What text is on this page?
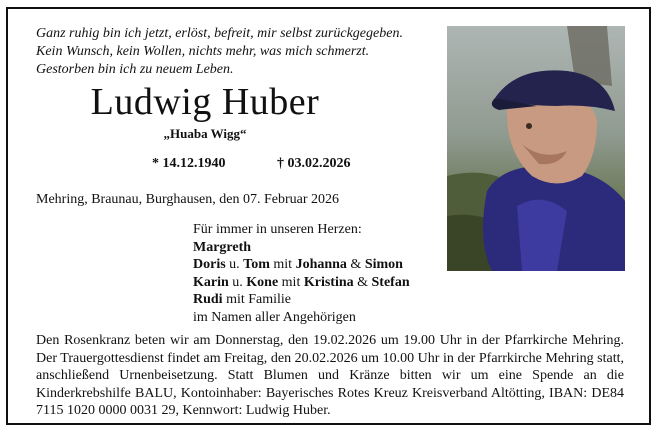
Ganz ruhig bin ich jetzt, erlöst, befreit, mir selbst zurückgegeben.
Kein Wunsch, kein Wollen, nichts mehr, was mich schmerzt.
Gestorben bin ich zu neuem Leben.
Ludwig Huber
„Huaba Wigg“
* 14.12.1940	† 03.02.2026
Mehring, Braunau, Burghausen, den 07. Februar 2026
Für immer in unseren Herzen:
Margreth
Doris u. Tom mit Johanna & Simon
Karin u. Kone mit Kristina & Stefan
Rudi mit Familie
im Namen aller Angehörigen
Den Rosenkranz beten wir am Donnerstag, den 19.02.2026 um 19.00 Uhr in der Pfarrkirche Mehring. Der Trauergottesdienst findet am Freitag, den 20.02.2026 um 10.00 Uhr in der Pfarrkirche Mehring statt, anschließend Urnenbeisetzung. Statt Blumen und Kränze bitten wir um eine Spende an die Kinderkrebshilfe BALU, Kontoinhaber: Bayerisches Rotes Kreuz Kreisverband Altötting, IBAN: DE84 7115 1020 0000 0031 29, Kennwort: Ludwig Huber.
